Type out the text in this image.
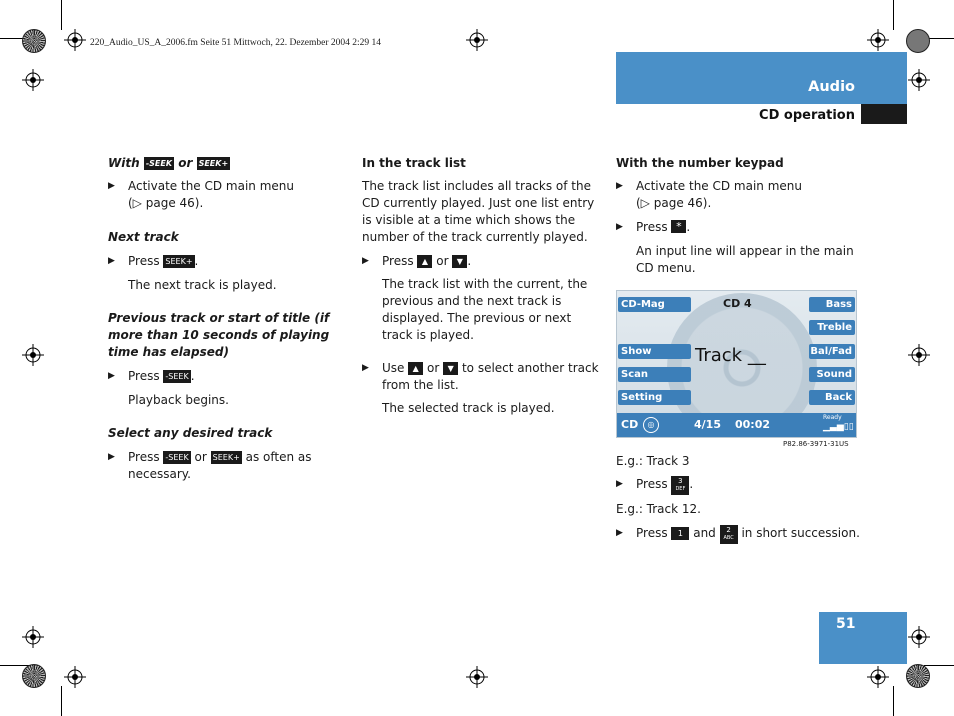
220_Audio_US_A_2006.fm Seite 51 Mittwoch, 22. Dezember 2004 2:29 14
Audio
CD operation

With -SEEK or SEEK+

▶ Activate the CD main menu
(▷ page 46).

Next track

▶ Press SEEK+ .

The next track is played.

Previous track or start of title (if more than 10 seconds of playing time has elapsed)

▶ Press -SEEK .

Playback begins.

Select any desired track

▶ Press -SEEK or SEEK+ as often as
necessary.

In the track list

The track list includes all tracks of the CD currently played. Just one list entry is visible at a time which shows the number of the track currently played.

▶ Press ▲ or ▼ .

The track list with the current, the previous and the next track is displayed. The previous or next track is played.

▶ Use ▲ or ▼ to select another track from the list.

The selected track is played.

With the number keypad

▶ Activate the CD main menu
(▷ page 46).

▶ Press * .

An input line will appear in the main CD menu.

CD-Mag	CD 4	Bass
Treble
Show	Track __	Bal/Fad
Scan	Sound
Setting	Back
CD	◎	4/15 00:02
Ready
▁▃▅▯▯
P82.86-3971-31US

E.g.: Track 3

▶ Press 3
DEF .

E.g.: Track 12.

▶ Press 1 and 2
ABC in short succession.

51
